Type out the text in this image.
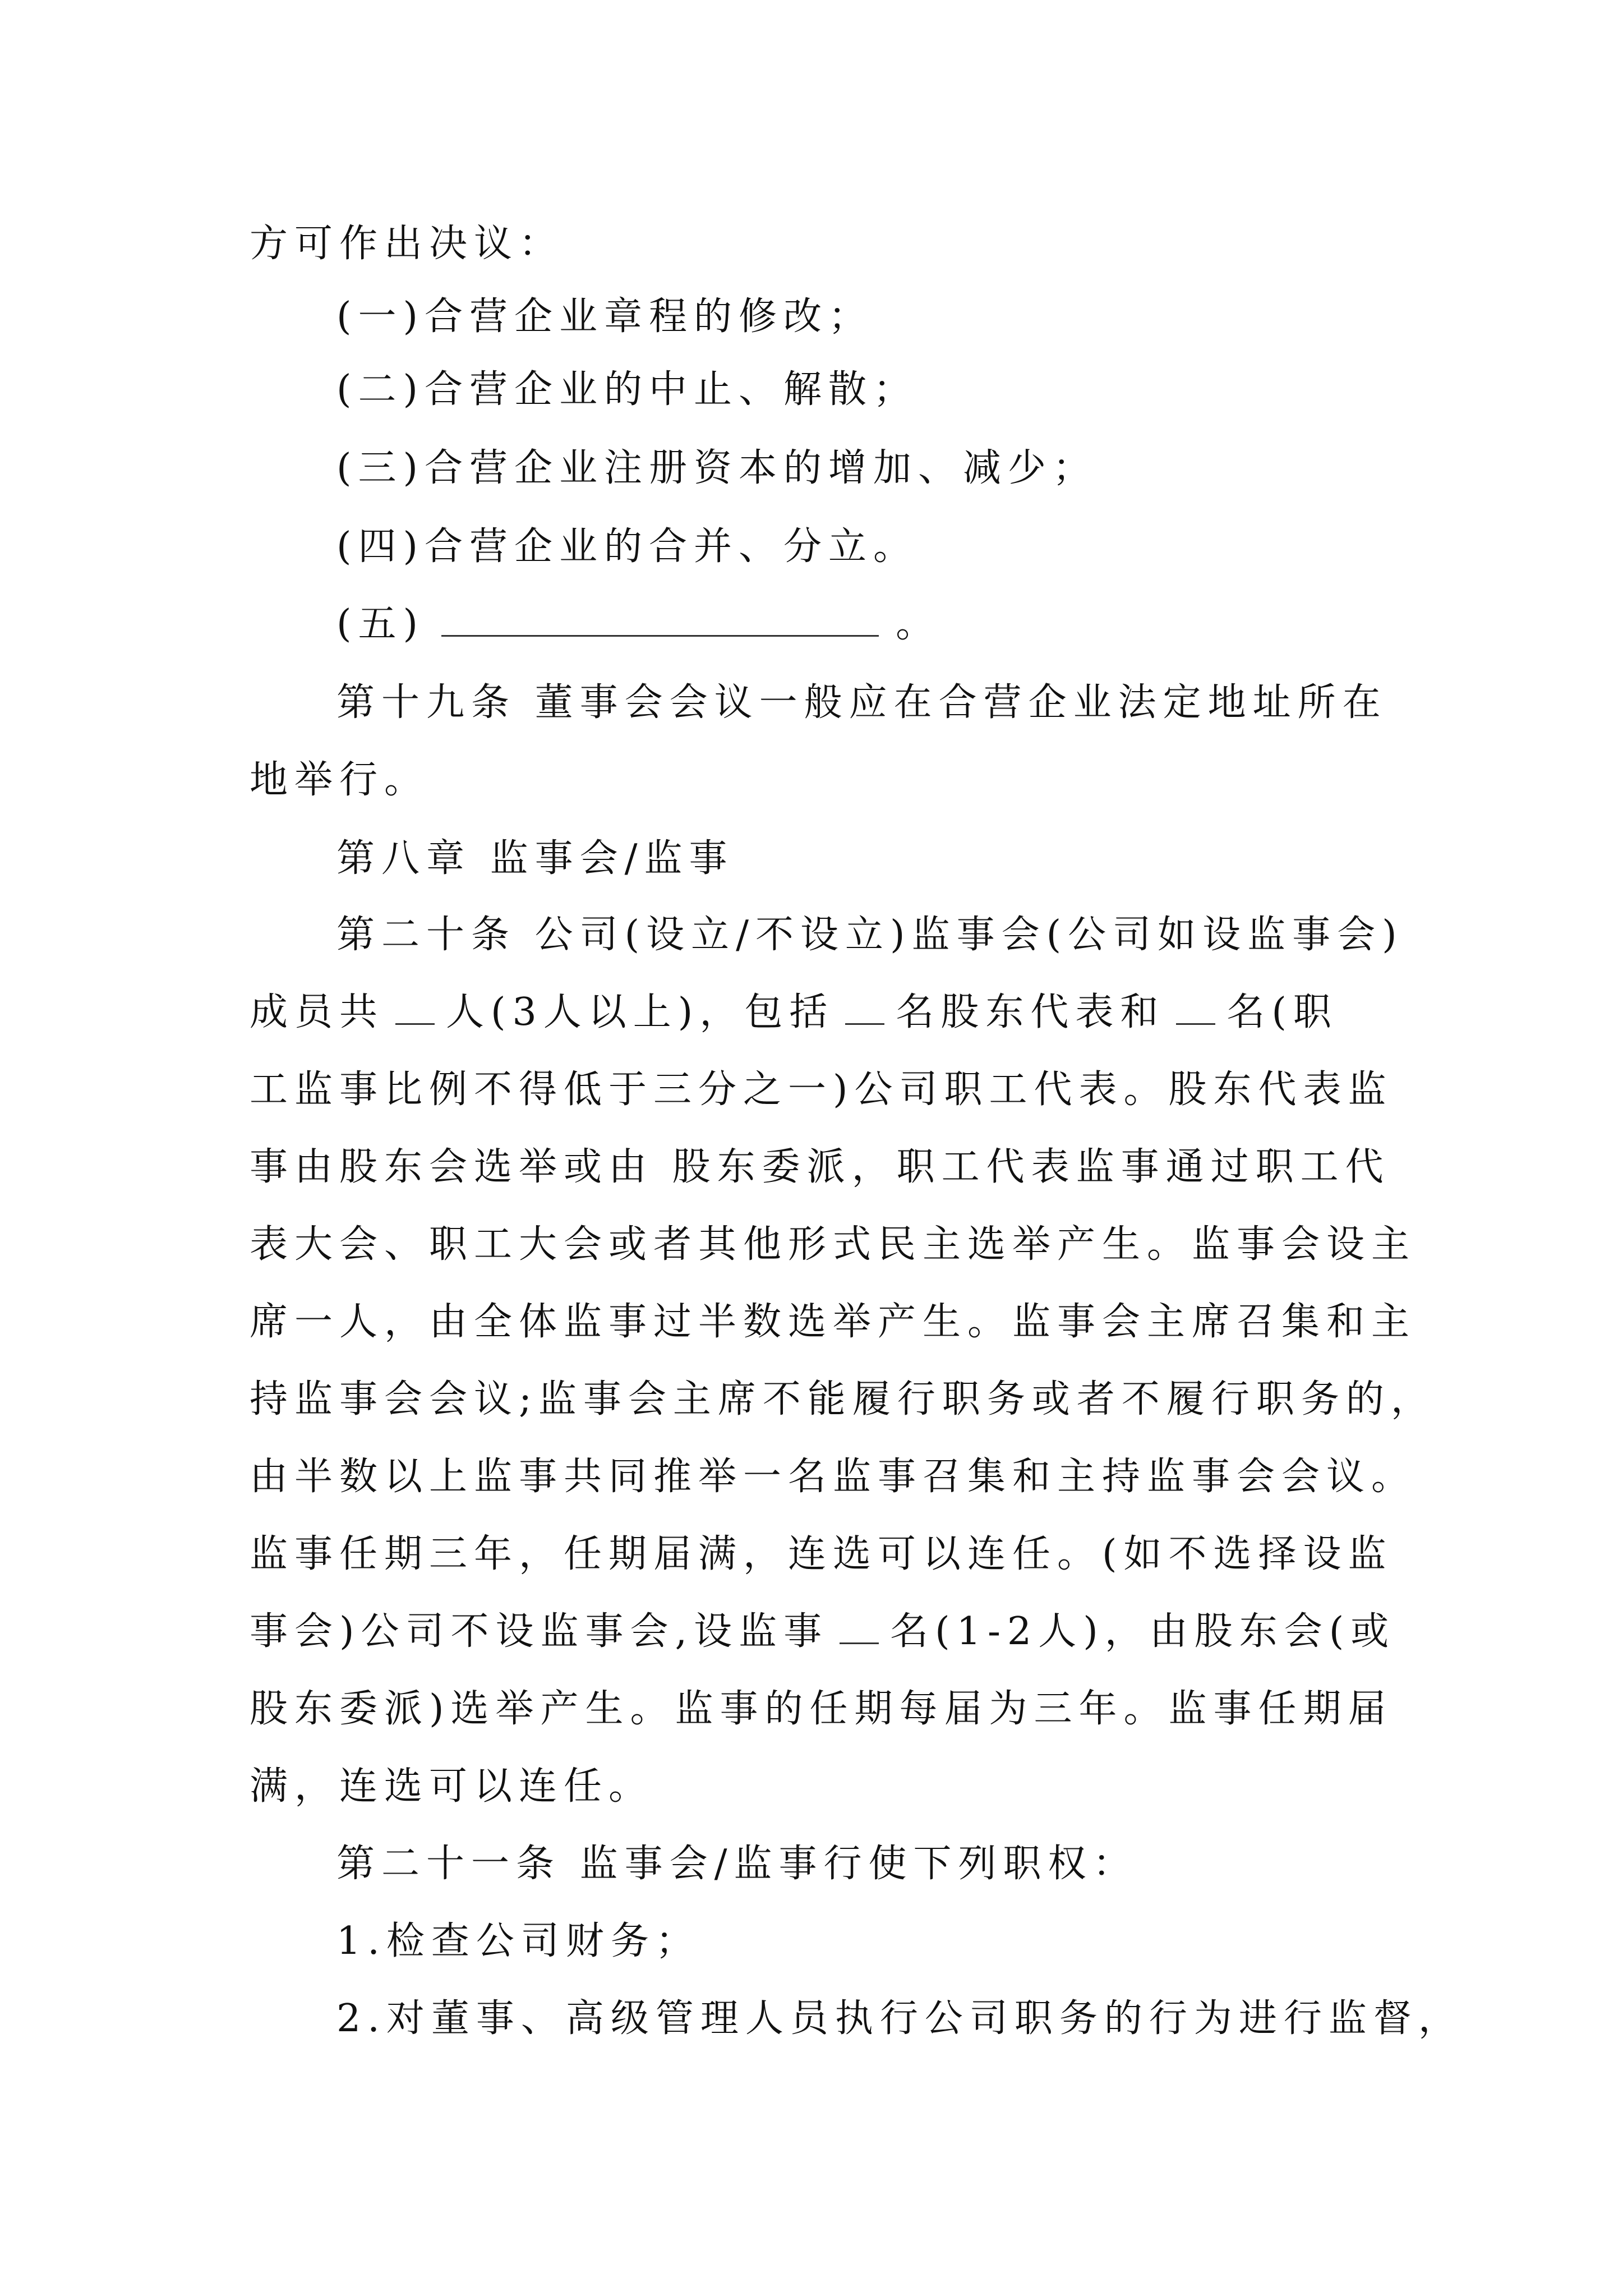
方可作出决议：
(一)合营企业章程的修改；
(二)合营企业的中止、解散；
(三)合营企业注册资本的增加、减少；
(四)合营企业的合并、分立。
(五)	。
第十九条 董事会会议一般应在合营企业法定地址所在
地举行。
第八章 监事会/监事
第二十条 公司(设立/不设立)监事会(公司如设监事会)
成员共 人(3人以上)，包括 名股东代表和 名(职
工监事比例不得低于三分之一)公司职工代表。股东代表监
事由股东会选举或由 股东委派，职工代表监事通过职工代
表大会、职工大会或者其他形式民主选举产生。监事会设主
席一人，由全体监事过半数选举产生。监事会主席召集和主
持监事会会议;监事会主席不能履行职务或者不履行职务的，
由半数以上监事共同推举一名监事召集和主持监事会会议。
监事任期三年，任期届满，连选可以连任。(如不选择设监
事会)公司不设监事会,设监事 名(1-2人)，由股东会(或
股东委派)选举产生。监事的任期每届为三年。监事任期届
满，连选可以连任。
第二十一条 监事会/监事行使下列职权：
1.检查公司财务；
2.对董事、高级管理人员执行公司职务的行为进行监督，
